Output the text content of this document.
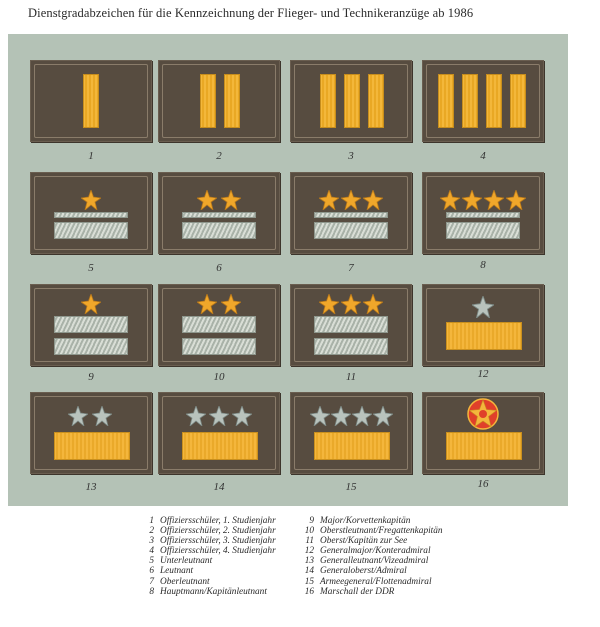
Dienstgradabzeichen für die Kennzeichnung der Flieger- und Technikeranzüge ab 1986
1	2	3	4
5	6	7	8
9	10	11	12
13	14	15	16
1 Offiziersschüler, 1. Studienjahr
2 Offiziersschüler, 2. Studienjahr
3 Offiziersschüler, 3. Studienjahr
4 Offiziersschüler, 4. Studienjahr
5 Unterleutnant
6 Leutnant
7 Oberleutnant
8 Hauptmann/Kapitänleutnant
9 Major/Korvettenkapitän
10 Oberstleutnant/Fregattenkapitän
11 Oberst/Kapitän zur See
12 Generalmajor/Konteradmiral
13 Generalleutnant/Vizeadmiral
14 Generaloberst/Admiral
15 Armeegeneral/Flottenadmiral
16 Marschall der DDR
